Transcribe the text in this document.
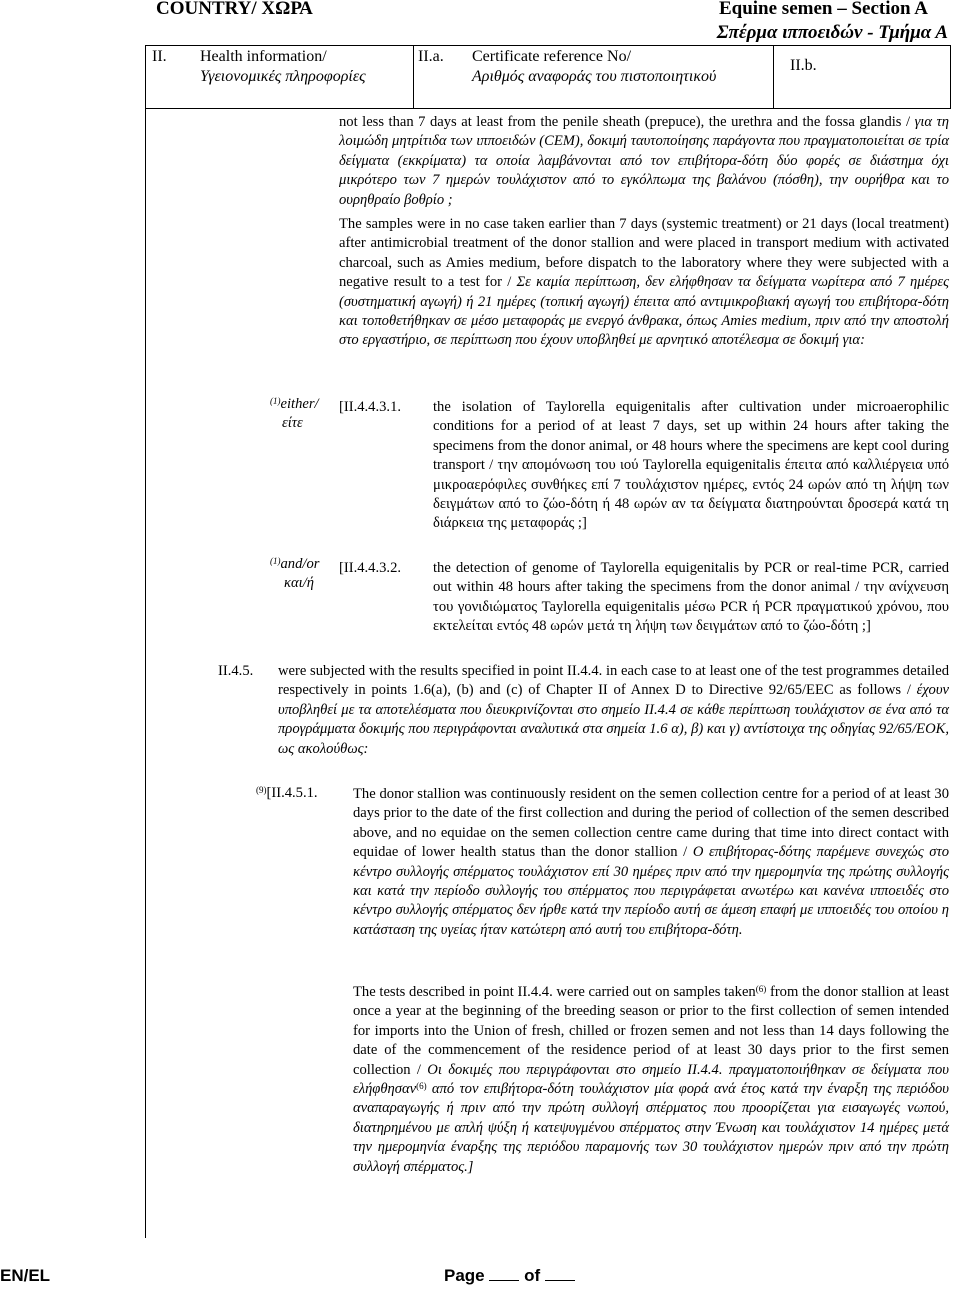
COUNTRY/ ΧΩΡΑ	Equine semen – Section A
Σπέρμα ιπποειδών - Τμήμα Α
II. Health information/
Υγειονομικές πληροφορίες
II.a. Certificate reference No/
Αριθμός αναφοράς του πιστοποιητικού
II.b.
not less than 7 days at least from the penile sheath (prepuce), the urethra and the fossa glandis / για τη λοιμώδη μητρίτιδα των ιπποειδών (CEM), δοκιμή ταυτοποίησης παράγοντα που πραγματοποιείται σε τρία δείγματα (εκκρίματα) τα οποία λαμβάνονται από τον επιβήτορα-δότη δύο φορές σε διάστημα όχι μικρότερο των 7 ημερών τουλάχιστον από το εγκόλπωμα της βαλάνου (πόσθη), την ουρήθρα και το ουρηθραίο βοθρίο ;
The samples were in no case taken earlier than 7 days (systemic treatment) or 21 days (local treatment) after antimicrobial treatment of the donor stallion and were placed in transport medium with activated charcoal, such as Amies medium, before dispatch to the laboratory where they were subjected with a negative result to a test for / Σε καμία περίπτωση, δεν ελήφθησαν τα δείγματα νωρίτερα από 7 ημέρες (συστηματική αγωγή) ή 21 ημέρες (τοπική αγωγή) έπειτα από αντιμικροβιακή αγωγή του επιβήτορα-δότη και τοποθετήθηκαν σε μέσο μεταφοράς με ενεργό άνθρακα, όπως Amies medium, πριν από την αποστολή στο εργαστήριο, σε περίπτωση που έχουν υποβληθεί με αρνητικό αποτέλεσμα σε δοκιμή για:
$^{(1)}$either/
είτε
[II.4.4.3.1. the isolation of Taylorella equigenitalis after cultivation under microaerophilic conditions for a period of at least 7 days, set up within 24 hours after taking the specimens from the donor animal, or 48 hours where the specimens are kept cool during transport / την απομόνωση του ιού Taylorella equigenitalis έπειτα από καλλιέργεια υπό μικροαερόφιλες συνθήκες επί 7 τουλάχιστον ημέρες, εντός 24 ωρών από τη λήψη των δειγμάτων από το ζώο-δότη ή 48 ωρών αν τα δείγματα διατηρούνται δροσερά κατά τη διάρκεια της μεταφοράς ;]
$^{(1)}$and/or
και/ή
[II.4.4.3.2. the detection of genome of Taylorella equigenitalis by PCR or real-time PCR, carried out within 48 hours after taking the specimens from the donor animal / την ανίχνευση του γονιδιώματος Taylorella equigenitalis μέσω PCR ή PCR πραγματικού χρόνου, που εκτελείται εντός 48 ωρών μετά τη λήψη των δειγμάτων από το ζώο-δότη ;]
II.4.5. were subjected with the results specified in point II.4.4. in each case to at least one of the test programmes detailed respectively in points 1.6(a), (b) and (c) of Chapter II of Annex D to Directive 92/65/EEC as follows / έχουν υποβληθεί με τα αποτελέσματα που διευκρινίζονται στο σημείο II.4.4 σε κάθε περίπτωση τουλάχιστον σε ένα από τα προγράμματα δοκιμής που περιγράφονται αναλυτικά στα σημεία 1.6 α), β) και γ) αντίστοιχα της οδηγίας 92/65/ΕΟΚ, ως ακολούθως:
$^{(9)}$[II.4.5.1. The donor stallion was continuously resident on the semen collection centre for a period of at least 30 days prior to the date of the first collection and during the period of collection of the semen described above, and no equidae on the semen collection centre came during that time into direct contact with equidae of lower health status than the donor stallion / Ο επιβήτορας-δότης παρέμενε συνεχώς στο κέντρο συλλογής σπέρματος τουλάχιστον επί 30 ημέρες πριν από την ημερομηνία της πρώτης συλλογής και κατά την περίοδο συλλογής του σπέρματος που περιγράφεται ανωτέρω και κανένα ιπποειδές στο κέντρο συλλογής σπέρματος δεν ήρθε κατά την περίοδο αυτή σε άμεση επαφή με ιπποειδές του οποίου η κατάσταση της υγείας ήταν κατώτερη από αυτή του επιβήτορα-δότη.
The tests described in point II.4.4. were carried out on samples taken$^{(6)}$ from the donor stallion at least once a year at the beginning of the breeding season or prior to the first collection of semen intended for imports into the Union of fresh, chilled or frozen semen and not less than 14 days following the date of the commencement of the residence period of at least 30 days prior to the first semen collection / Οι δοκιμές που περιγράφονται στο σημείο II.4.4. πραγματοποιήθηκαν σε δείγματα που ελήφθησαν$^{(6)}$ από τον επιβήτορα-δότη τουλάχιστον μία φορά ανά έτος κατά την έναρξη της περιόδου αναπαραγωγής ή πριν από την πρώτη συλλογή σπέρματος που προορίζεται για εισαγωγές νωπού, διατηρημένου με απλή ψύξη ή κατεψυγμένου σπέρματος στην Ένωση και τουλάχιστον 14 ημέρες μετά την ημερομηνία έναρξης της περιόδου παραμονής των 30 τουλάχιστον ημερών πριν από την πρώτη συλλογή σπέρματος.]
EN/EL	Page of
